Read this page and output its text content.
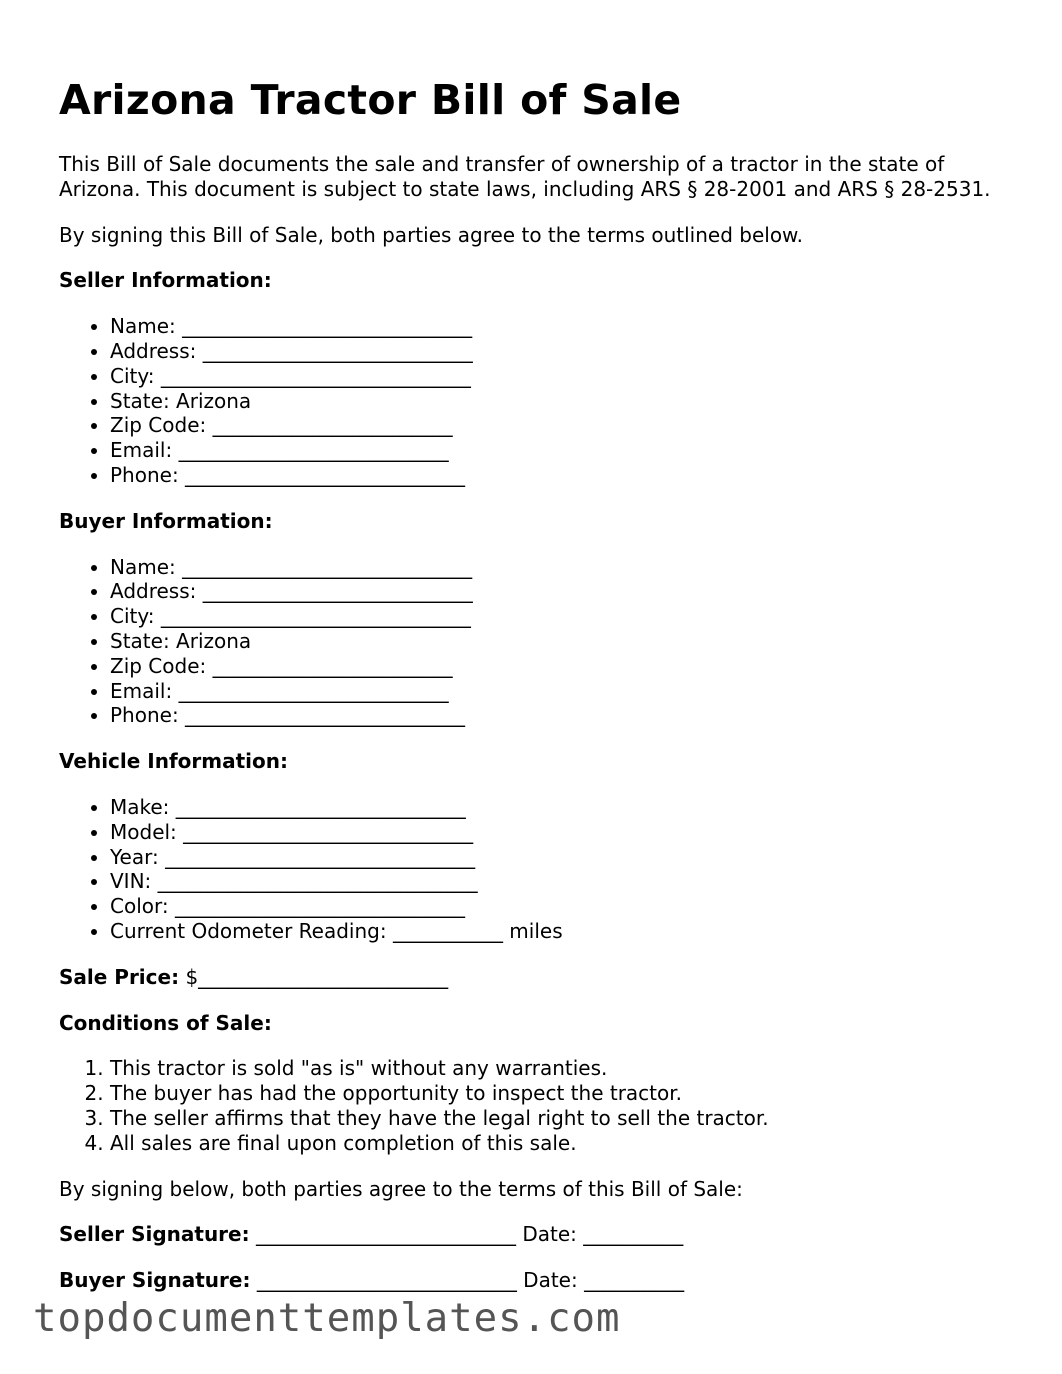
Arizona Tractor Bill of Sale

This Bill of Sale documents the sale and transfer of ownership of a tractor in the state of Arizona. This document is subject to state laws, including ARS § 28-2001 and ARS § 28-2531.

By signing this Bill of Sale, both parties agree to the terms outlined below.

Seller Information:
• Name: _____________________________
• Address: ___________________________
• City: _______________________________
• State: Arizona
• Zip Code: ________________________
• Email: ___________________________
• Phone: ____________________________
Buyer Information:
• Name: _____________________________
• Address: ___________________________
• City: _______________________________
• State: Arizona
• Zip Code: ________________________
• Email: ___________________________
• Phone: ____________________________
Vehicle Information:
• Make: _____________________________
• Model: _____________________________
• Year: _______________________________
• VIN: ________________________________
• Color: _____________________________
• Current Odometer Reading: ___________ miles

Sale Price: $_________________________

Conditions of Sale:
1. This tractor is sold "as is" without any warranties.
2. The buyer has had the opportunity to inspect the tractor.
3. The seller affirms that they have the legal right to sell the tractor.
4. All sales are final upon completion of this sale.

By signing below, both parties agree to the terms of this Bill of Sale:

Seller Signature: __________________________ Date: __________

Buyer Signature: __________________________ Date: __________

topdocumenttemplates.com
